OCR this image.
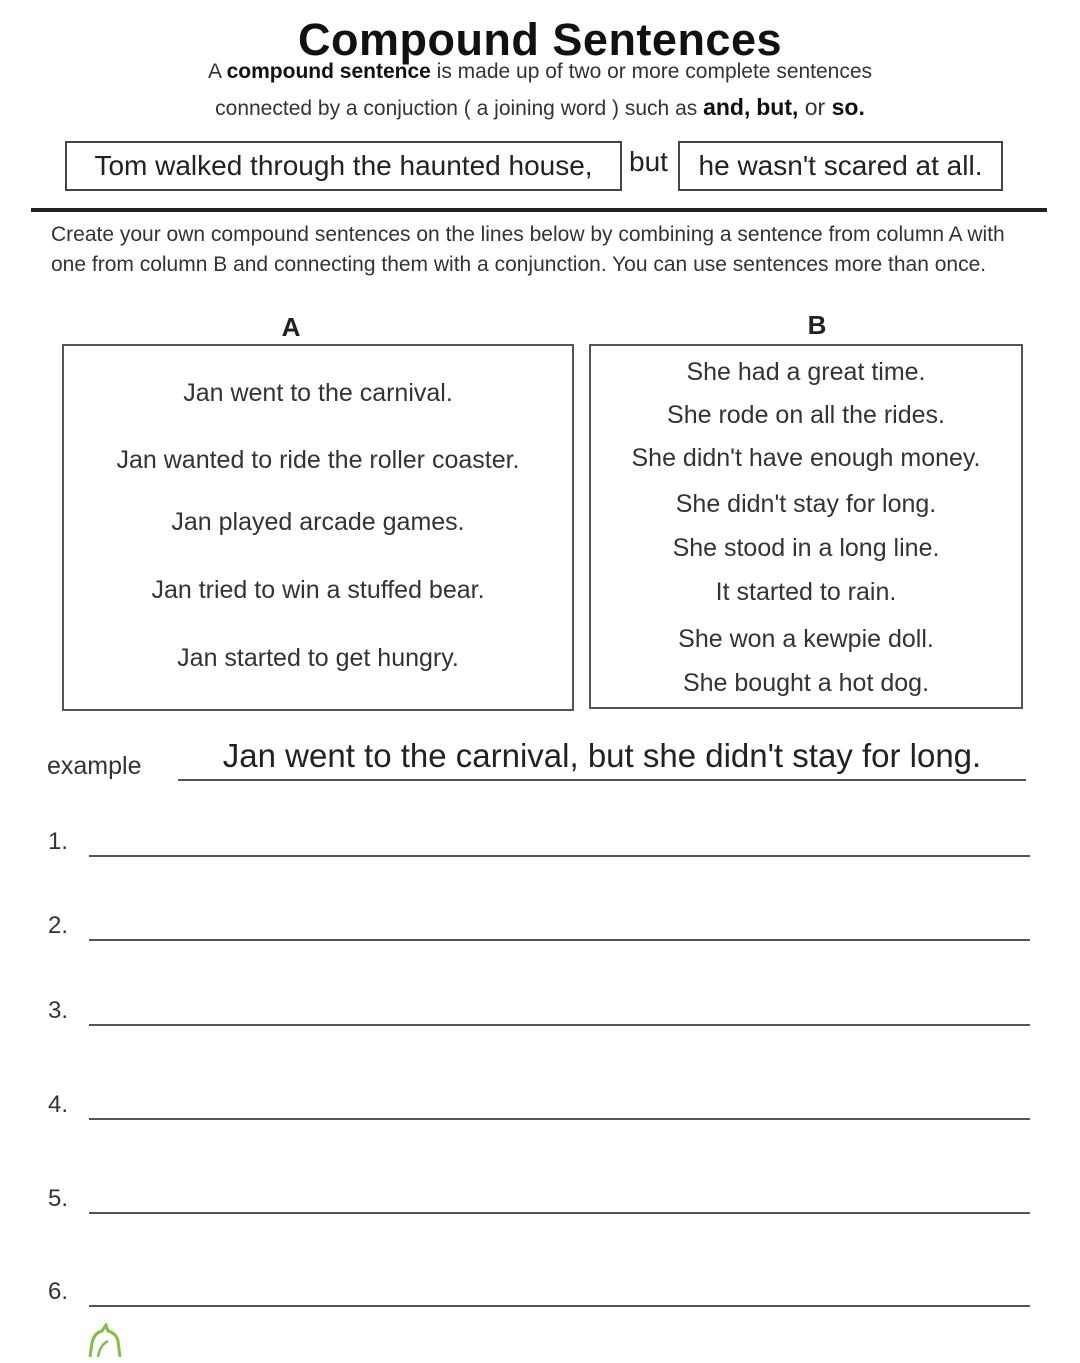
Compound Sentences
A compound sentence is made up of two or more complete sentences
connected by a conjuction ( a joining word ) such as and, but, or so.
Tom walked through the haunted house, but he wasn't scared at all.
Create your own compound sentences on the lines below by combining a sentence from column A with one from column B and connecting them with a conjunction. You can use sentences more than once.
A	B
Jan went to the carnival.
Jan wanted to ride the roller coaster.
Jan played arcade games.
Jan tried to win a stuffed bear.
Jan started to get hungry.
She had a great time.
She rode on all the rides.
She didn't have enough money.
She didn't stay for long.
She stood in a long line.
It started to rain.
She won a kewpie doll.
She bought a hot dog.
example	Jan went to the carnival, but she didn't stay for long.
1.
2.
3.
4.
5.
6.
